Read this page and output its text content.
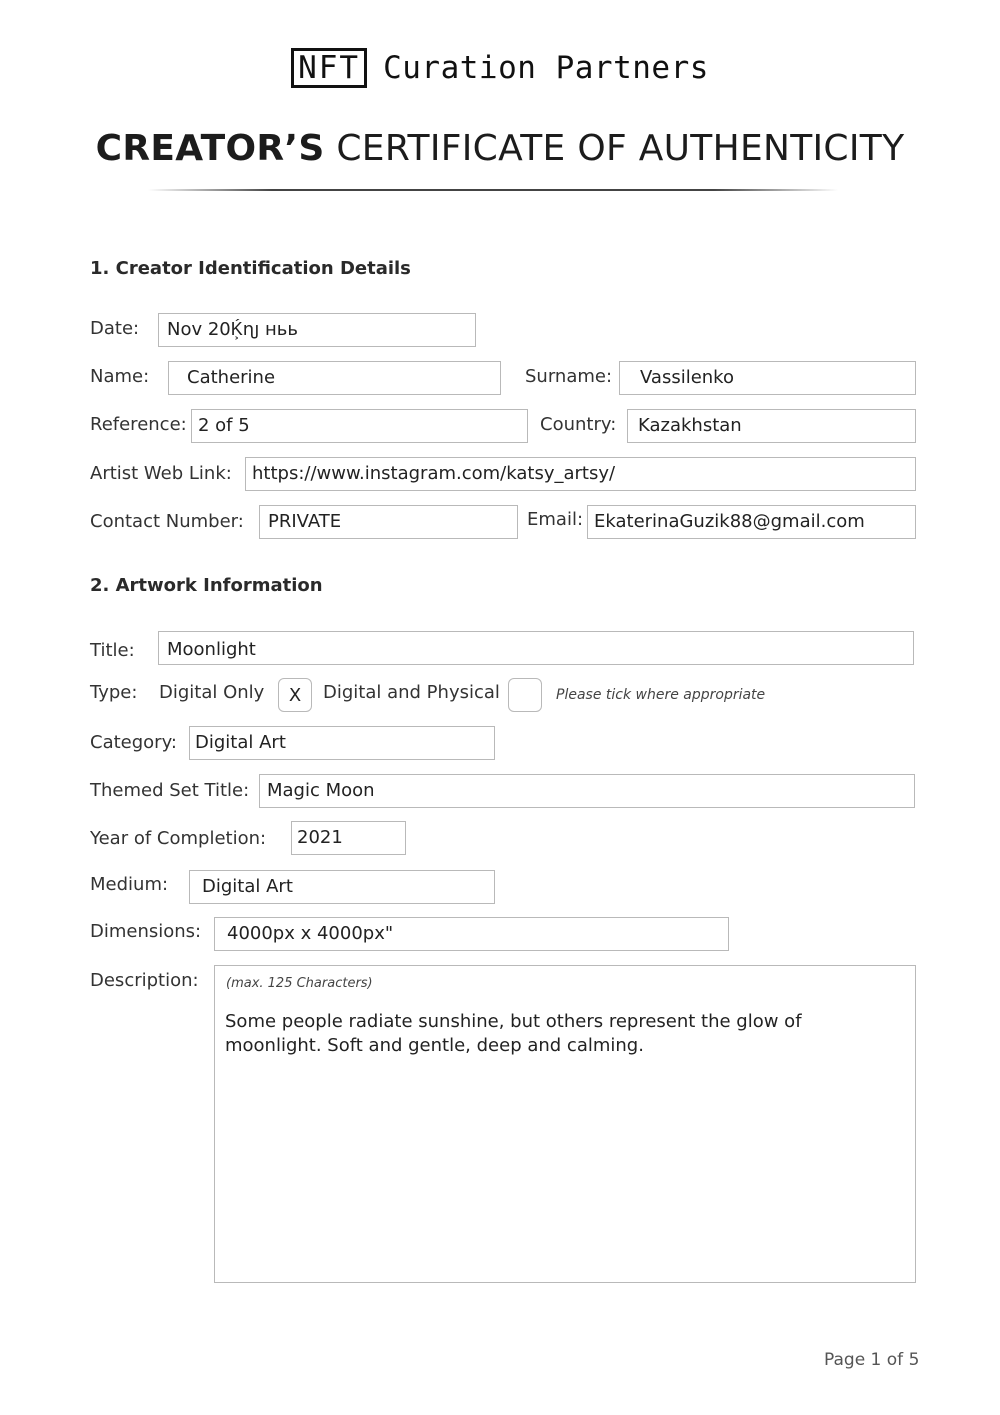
NFT Curation Partners
CREATOR’S CERTIFICATE OF AUTHENTICITY
1. Creator Identification Details
Date:	Nov 20Ḱ͕ɳȷ ньь
Name:	Catherine	Surname:	Vassilenko
Reference: 2 of 5	Country:	Kazakhstan
Artist Web Link:	https://www.instagram.com/katsy_artsy/
Contact Number:	PRIVATE	Email: EkaterinaGuzik88@gmail.com
2. Artwork Information
Title:	Moonlight
Type: Digital Only	X	Digital and Physical	Please tick where appropriate
Category:	Digital Art
Themed Set Title: Magic Moon
Year of Completion:	2021
Medium:	Digital Art
Dimensions:	4000px x 4000px"
Description: (max. 125 Characters)
Some people radiate sunshine, but others represent the glow of moonlight. Soft and gentle, deep and calming.
Page 1 of 5
